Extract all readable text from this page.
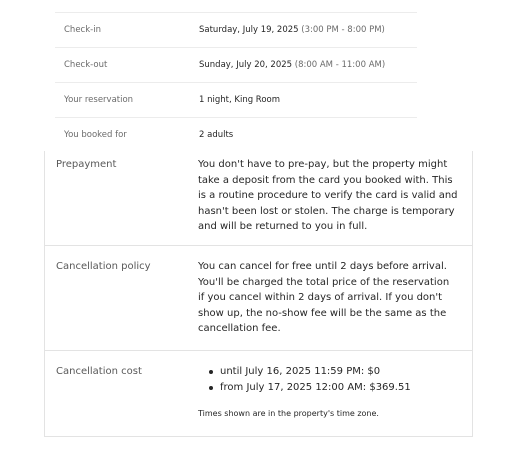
Check-in	Saturday, July 19, 2025 (3:00 PM - 8:00 PM)
Check-out	Sunday, July 20, 2025 (8:00 AM - 11:00 AM)
Your reservation	1 night, King Room
You booked for	2 adults
Prepayment	You don't have to pre-pay, but the property might take a deposit from the card you booked with. This is a routine procedure to verify the card is valid and hasn't been lost or stolen. The charge is temporary and will be returned to you in full.
Cancellation policy	You can cancel for free until 2 days before arrival. You'll be charged the total price of the reservation if you cancel within 2 days of arrival. If you don't show up, the no-show fee will be the same as the cancellation fee.
Cancellation cost	until July 16, 2025 11:59 PM: $0
from July 17, 2025 12:00 AM: $369.51
Times shown are in the property's time zone.
